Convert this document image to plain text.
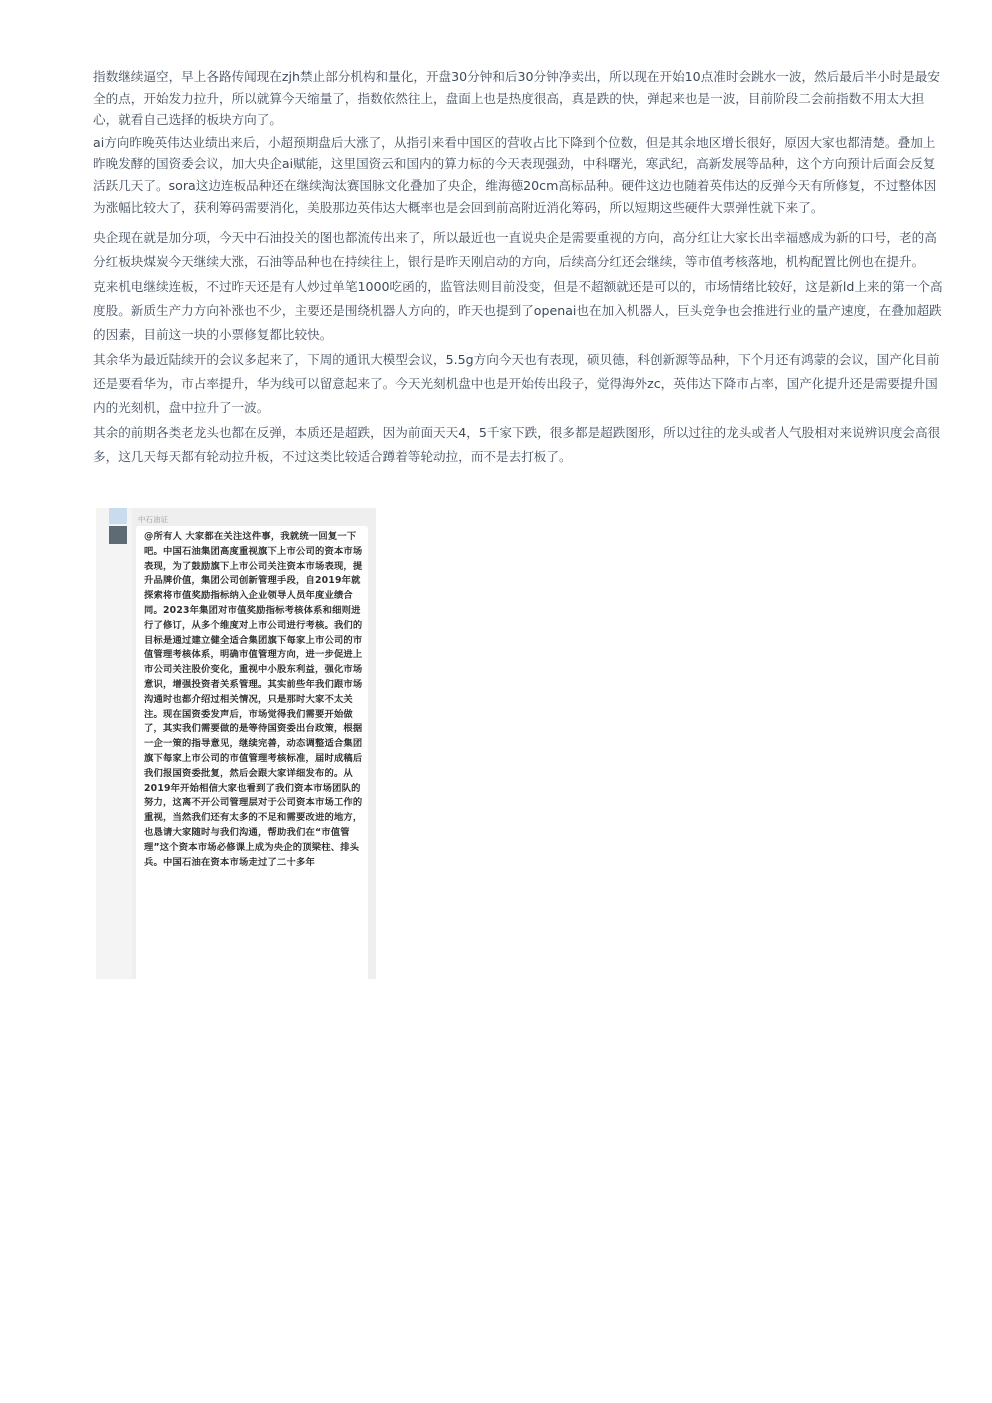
指数继续逼空，早上各路传闻现在zjh禁止部分机构和量化，开盘30分钟和后30分钟净卖出，所以现在开始10点准时会跳水一波，然后最后半小时是最安全的点，开始发力拉升，所以就算今天缩量了，指数依然往上，盘面上也是热度很高，真是跌的快，弹起来也是一波，目前阶段二会前指数不用太大担心，就看自己选择的板块方向了。

ai方向昨晚英伟达业绩出来后，小超预期盘后大涨了，从指引来看中国区的营收占比下降到个位数，但是其余地区增长很好，原因大家也都清楚。叠加上昨晚发酵的国资委会议，加大央企ai赋能，这里国资云和国内的算力标的今天表现强劲，中科曙光，寒武纪，高新发展等品种，这个方向预计后面会反复活跃几天了。sora这边连板品种还在继续淘汰赛国脉文化叠加了央企，维海德20cm高标品种。硬件这边也随着英伟达的反弹今天有所修复，不过整体因为涨幅比较大了，获利筹码需要消化，美股那边英伟达大概率也是会回到前高附近消化筹码，所以短期这些硬件大票弹性就下来了。

央企现在就是加分项，今天中石油投关的图也都流传出来了，所以最近也一直说央企是需要重视的方向，高分红让大家长出幸福感成为新的口号，老的高分红板块煤炭今天继续大涨，石油等品种也在持续往上，银行是昨天刚启动的方向，后续高分红还会继续，等市值考核落地，机构配置比例也在提升。

克来机电继续连板，不过昨天还是有人炒过单笔1000吃函的，监管法则目前没变，但是不超额就还是可以的，市场情绪比较好，这是新ld上来的第一个高度股。新质生产力方向补涨也不少，主要还是围绕机器人方向的，昨天也提到了openai也在加入机器人，巨头竞争也会推进行业的量产速度，在叠加超跌的因素，目前这一块的小票修复都比较快。

其余华为最近陆续开的会议多起来了，下周的通讯大模型会议，5.5g方向今天也有表现，硕贝德，科创新源等品种，下个月还有鸿蒙的会议，国产化目前还是要看华为，市占率提升，华为线可以留意起来了。今天光刻机盘中也是开始传出段子，觉得海外zc，英伟达下降市占率，国产化提升还是需要提升国内的光刻机，盘中拉升了一波。

其余的前期各类老龙头也都在反弹，本质还是超跌，因为前面天天4，5千家下跌，很多都是超跌图形，所以过往的龙头或者人气股相对来说辨识度会高很多，这几天每天都有轮动拉升板，不过这类比较适合蹲着等轮动拉，而不是去打板了。

中石油证
@所有人 大家都在关注这件事，我就统一回复一下吧。中国石油集团高度重视旗下上市公司的资本市场表现，为了鼓励旗下上市公司关注资本市场表现，提升品牌价值，集团公司创新管理手段，自2019年就探索将市值奖励指标纳入企业领导人员年度业绩合同。2023年集团对市值奖励指标考核体系和细则进行了修订，从多个维度对上市公司进行考核。我们的目标是通过建立健全适合集团旗下每家上市公司的市值管理考核体系，明确市值管理方向，进一步促进上市公司关注股价变化，重视中小股东利益，强化市场意识，增强投资者关系管理。其实前些年我们跟市场沟通时也都介绍过相关情况，只是那时大家不太关注。现在国资委发声后，市场觉得我们需要开始做了，其实我们需要做的是等待国资委出台政策，根据一企一策的指导意见，继续完善，动态调整适合集团旗下每家上市公司的市值管理考核标准，届时成稿后我们报国资委批复，然后会跟大家详细发布的。从2019年开始相信大家也看到了我们资本市场团队的努力，这离不开公司管理层对于公司资本市场工作的重视，当然我们还有太多的不足和需要改进的地方，也恳请大家随时与我们沟通，帮助我们在“市值管理”这个资本市场必修课上成为央企的顶梁柱、排头兵。中国石油在资本市场走过了二十多年
